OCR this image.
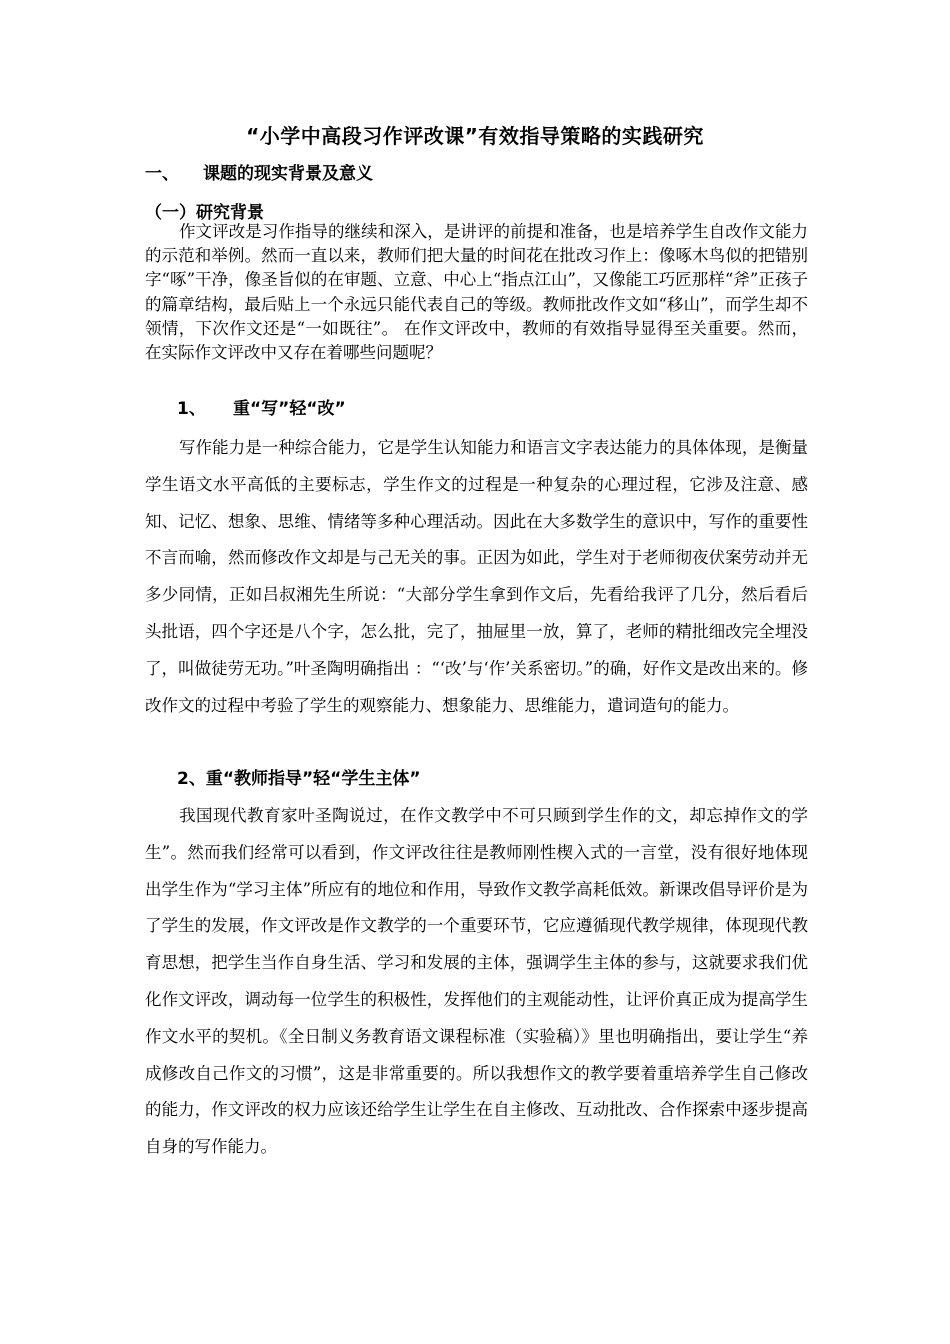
“小学中高段习作评改课”有效指导策略的实践研究
一、 课题的现实背景及意义
（一）研究背景

作文评改是习作指导的继续和深入，是讲评的前提和准备，也是培养学生自改作文能力的示范和举例。然而一直以来，教师们把大量的时间花在批改习作上：像啄木鸟似的把错别字“啄”干净，像圣旨似的在审题、立意、中心上“指点江山”，又像能工巧匠那样“斧”正孩子的篇章结构，最后贴上一个永远只能代表自己的等级。教师批改作文如“移山”，而学生却不领情，下次作文还是“一如既往”。 在作文评改中，教师的有效指导显得至关重要。然而，在实际作文评改中又存在着哪些问题呢？

1、 重“写”轻“改”

写作能力是一种综合能力，它是学生认知能力和语言文字表达能力的具体体现，是衡量学生语文水平高低的主要标志，学生作文的过程是一种复杂的心理过程，它涉及注意、感知、记忆、想象、思维、情绪等多种心理活动。因此在大多数学生的意识中，写作的重要性不言而喻，然而修改作文却是与己无关的事。正因为如此，学生对于老师彻夜伏案劳动并无多少同情，正如吕叔湘先生所说：“大部分学生拿到作文后，先看给我评了几分，然后看后头批语，四个字还是八个字，怎么批，完了，抽屉里一放，算了，老师的精批细改完全埋没了，叫做徒劳无功。”叶圣陶明确指出 ：“‘改’与‘作’关系密切。”的确，好作文是改出来的。修改作文的过程中考验了学生的观察能力、想象能力、思维能力，遣词造句的能力。

2、重“教师指导”轻“学生主体”

我国现代教育家叶圣陶说过，在作文教学中不可只顾到学生作的文，却忘掉作文的学生”。然而我们经常可以看到，作文评改往往是教师刚性楔入式的一言堂，没有很好地体现出学生作为“学习主体”所应有的地位和作用，导致作文教学高耗低效。新课改倡导评价是为了学生的发展，作文评改是作文教学的一个重要环节，它应遵循现代教学规律，体现现代教育思想，把学生当作自身生活、学习和发展的主体，强调学生主体的参与，这就要求我们优化作文评改，调动每一位学生的积极性，发挥他们的主观能动性，让评价真正成为提高学生作文水平的契机。《全日制义务教育语文课程标准（实验稿）》里也明确指出，要让学生“养成修改自己作文的习惯”，这是非常重要的。所以我想作文的教学要着重培养学生自己修改的能力，作文评改的权力应该还给学生让学生在自主修改、互动批改、合作探索中逐步提高自身的写作能力。
